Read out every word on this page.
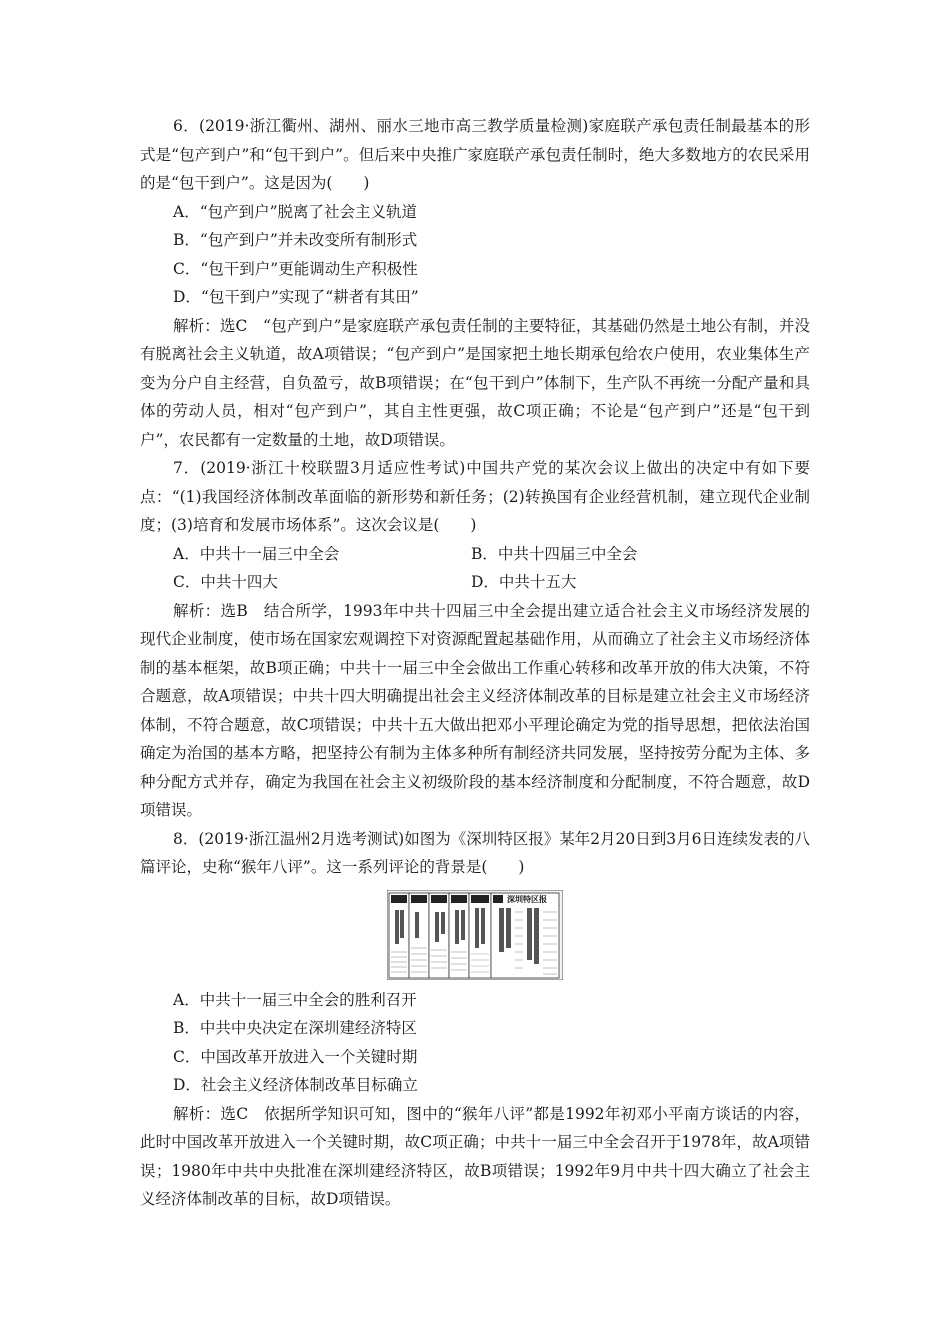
6．(2019·浙江衢州、湖州、丽水三地市高三教学质量检测)家庭联产承包责任制最基本的形式是“包产到户”和“包干到户”。但后来中央推广家庭联产承包责任制时，绝大多数地方的农民采用的是“包干到户”。这是因为(　　)

A．“包产到户”脱离了社会主义轨道

B．“包产到户”并未改变所有制形式

C．“包干到户”更能调动生产积极性

D．“包干到户”实现了“耕者有其田”

解析：选C　“包产到户”是家庭联产承包责任制的主要特征，其基础仍然是土地公有制，并没有脱离社会主义轨道，故A项错误；“包产到户”是国家把土地长期承包给农户使用，农业集体生产变为分户自主经营，自负盈亏，故B项错误；在“包干到户”体制下，生产队不再统一分配产量和具体的劳动人员，相对“包产到户”，其自主性更强，故C项正确；不论是“包产到户”还是“包干到户”，农民都有一定数量的土地，故D项错误。

7．(2019·浙江十校联盟3月适应性考试)中国共产党的某次会议上做出的决定中有如下要点：“(1)我国经济体制改革面临的新形势和新任务；(2)转换国有企业经营机制，建立现代企业制度；(3)培育和发展市场体系”。这次会议是(　　)

A．中共十一届三中全会	B．中共十四届三中全会
C．中共十四大	D．中共十五大

解析：选B　结合所学，1993年中共十四届三中全会提出建立适合社会主义市场经济发展的现代企业制度，使市场在国家宏观调控下对资源配置起基础作用，从而确立了社会主义市场经济体制的基本框架，故B项正确；中共十一届三中全会做出工作重心转移和改革开放的伟大决策，不符合题意，故A项错误；中共十四大明确提出社会主义经济体制改革的目标是建立社会主义市场经济体制，不符合题意，故C项错误；中共十五大做出把邓小平理论确定为党的指导思想，把依法治国确定为治国的基本方略，把坚持公有制为主体多种所有制经济共同发展，坚持按劳分配为主体、多种分配方式并存，确定为我国在社会主义初级阶段的基本经济制度和分配制度，不符合题意，故D项错误。

8．(2019·浙江温州2月选考测试)如图为《深圳特区报》某年2月20日到3月6日连续发表的八篇评论，史称“猴年八评”。这一系列评论的背景是(　　)

深圳特区报

A．中共十一届三中全会的胜利召开

B．中共中央决定在深圳建经济特区

C．中国改革开放进入一个关键时期

D．社会主义经济体制改革目标确立

解析：选C　依据所学知识可知，图中的“猴年八评”都是1992年初邓小平南方谈话的内容，此时中国改革开放进入一个关键时期，故C项正确；中共十一届三中全会召开于1978年，故A项错误；1980年中共中央批准在深圳建经济特区，故B项错误；1992年9月中共十四大确立了社会主义经济体制改革的目标，故D项错误。
